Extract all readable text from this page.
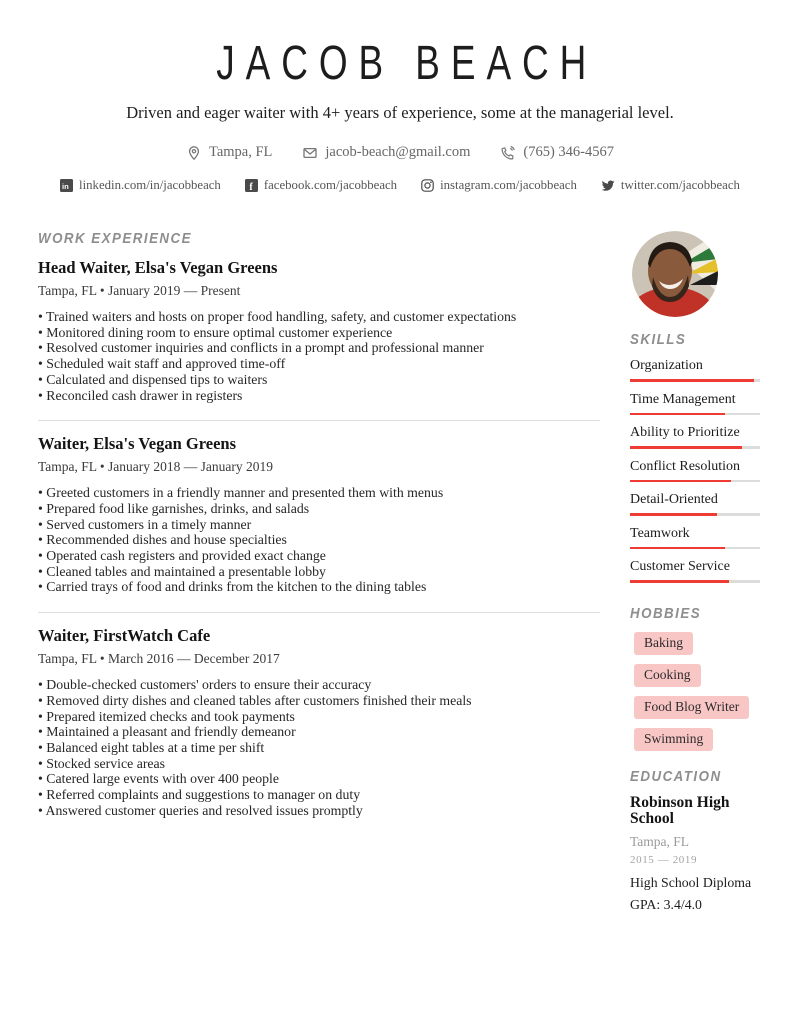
JACOB BEACH

Driven and eager waiter with 4+ years of experience, some at the managerial level.

Tampa, FL	jacob-beach@gmail.com	(765) 346-4567
in linkedin.com/in/jacobbeach	f facebook.com/jacobbeach	instagram.com/jacobbeach	twitter.com/jacobbeach
WORK EXPERIENCE
Head Waiter, Elsa's Vegan Greens
Tampa, FL • January 2019 — Present
• Trained waiters and hosts on proper food handling, safety, and customer expectations
• Monitored dining room to ensure optimal customer experience
• Resolved customer inquiries and conflicts in a prompt and professional manner
• Scheduled wait staff and approved time-off
• Calculated and dispensed tips to waiters
• Reconciled cash drawer in registers
Waiter, Elsa's Vegan Greens
Tampa, FL • January 2018 — January 2019
• Greeted customers in a friendly manner and presented them with menus
• Prepared food like garnishes, drinks, and salads
• Served customers in a timely manner
• Recommended dishes and house specialties
• Operated cash registers and provided exact change
• Cleaned tables and maintained a presentable lobby
• Carried trays of food and drinks from the kitchen to the dining tables
Waiter, FirstWatch Cafe
Tampa, FL • March 2016 — December 2017
• Double-checked customers' orders to ensure their accuracy
• Removed dirty dishes and cleaned tables after customers finished their meals
• Prepared itemized checks and took payments
• Maintained a pleasant and friendly demeanor
• Balanced eight tables at a time per shift
• Stocked service areas
• Catered large events with over 400 people
• Referred complaints and suggestions to manager on duty
• Answered customer queries and resolved issues promptly
SKILLS
Organization
Time Management
Ability to Prioritize
Conflict Resolution
Detail-Oriented
Teamwork
Customer Service
HOBBIES
Baking
Cooking
Food Blog Writer
Swimming
EDUCATION
Robinson High School
Tampa, FL
2015 — 2019
High School Diploma
GPA: 3.4/4.0
